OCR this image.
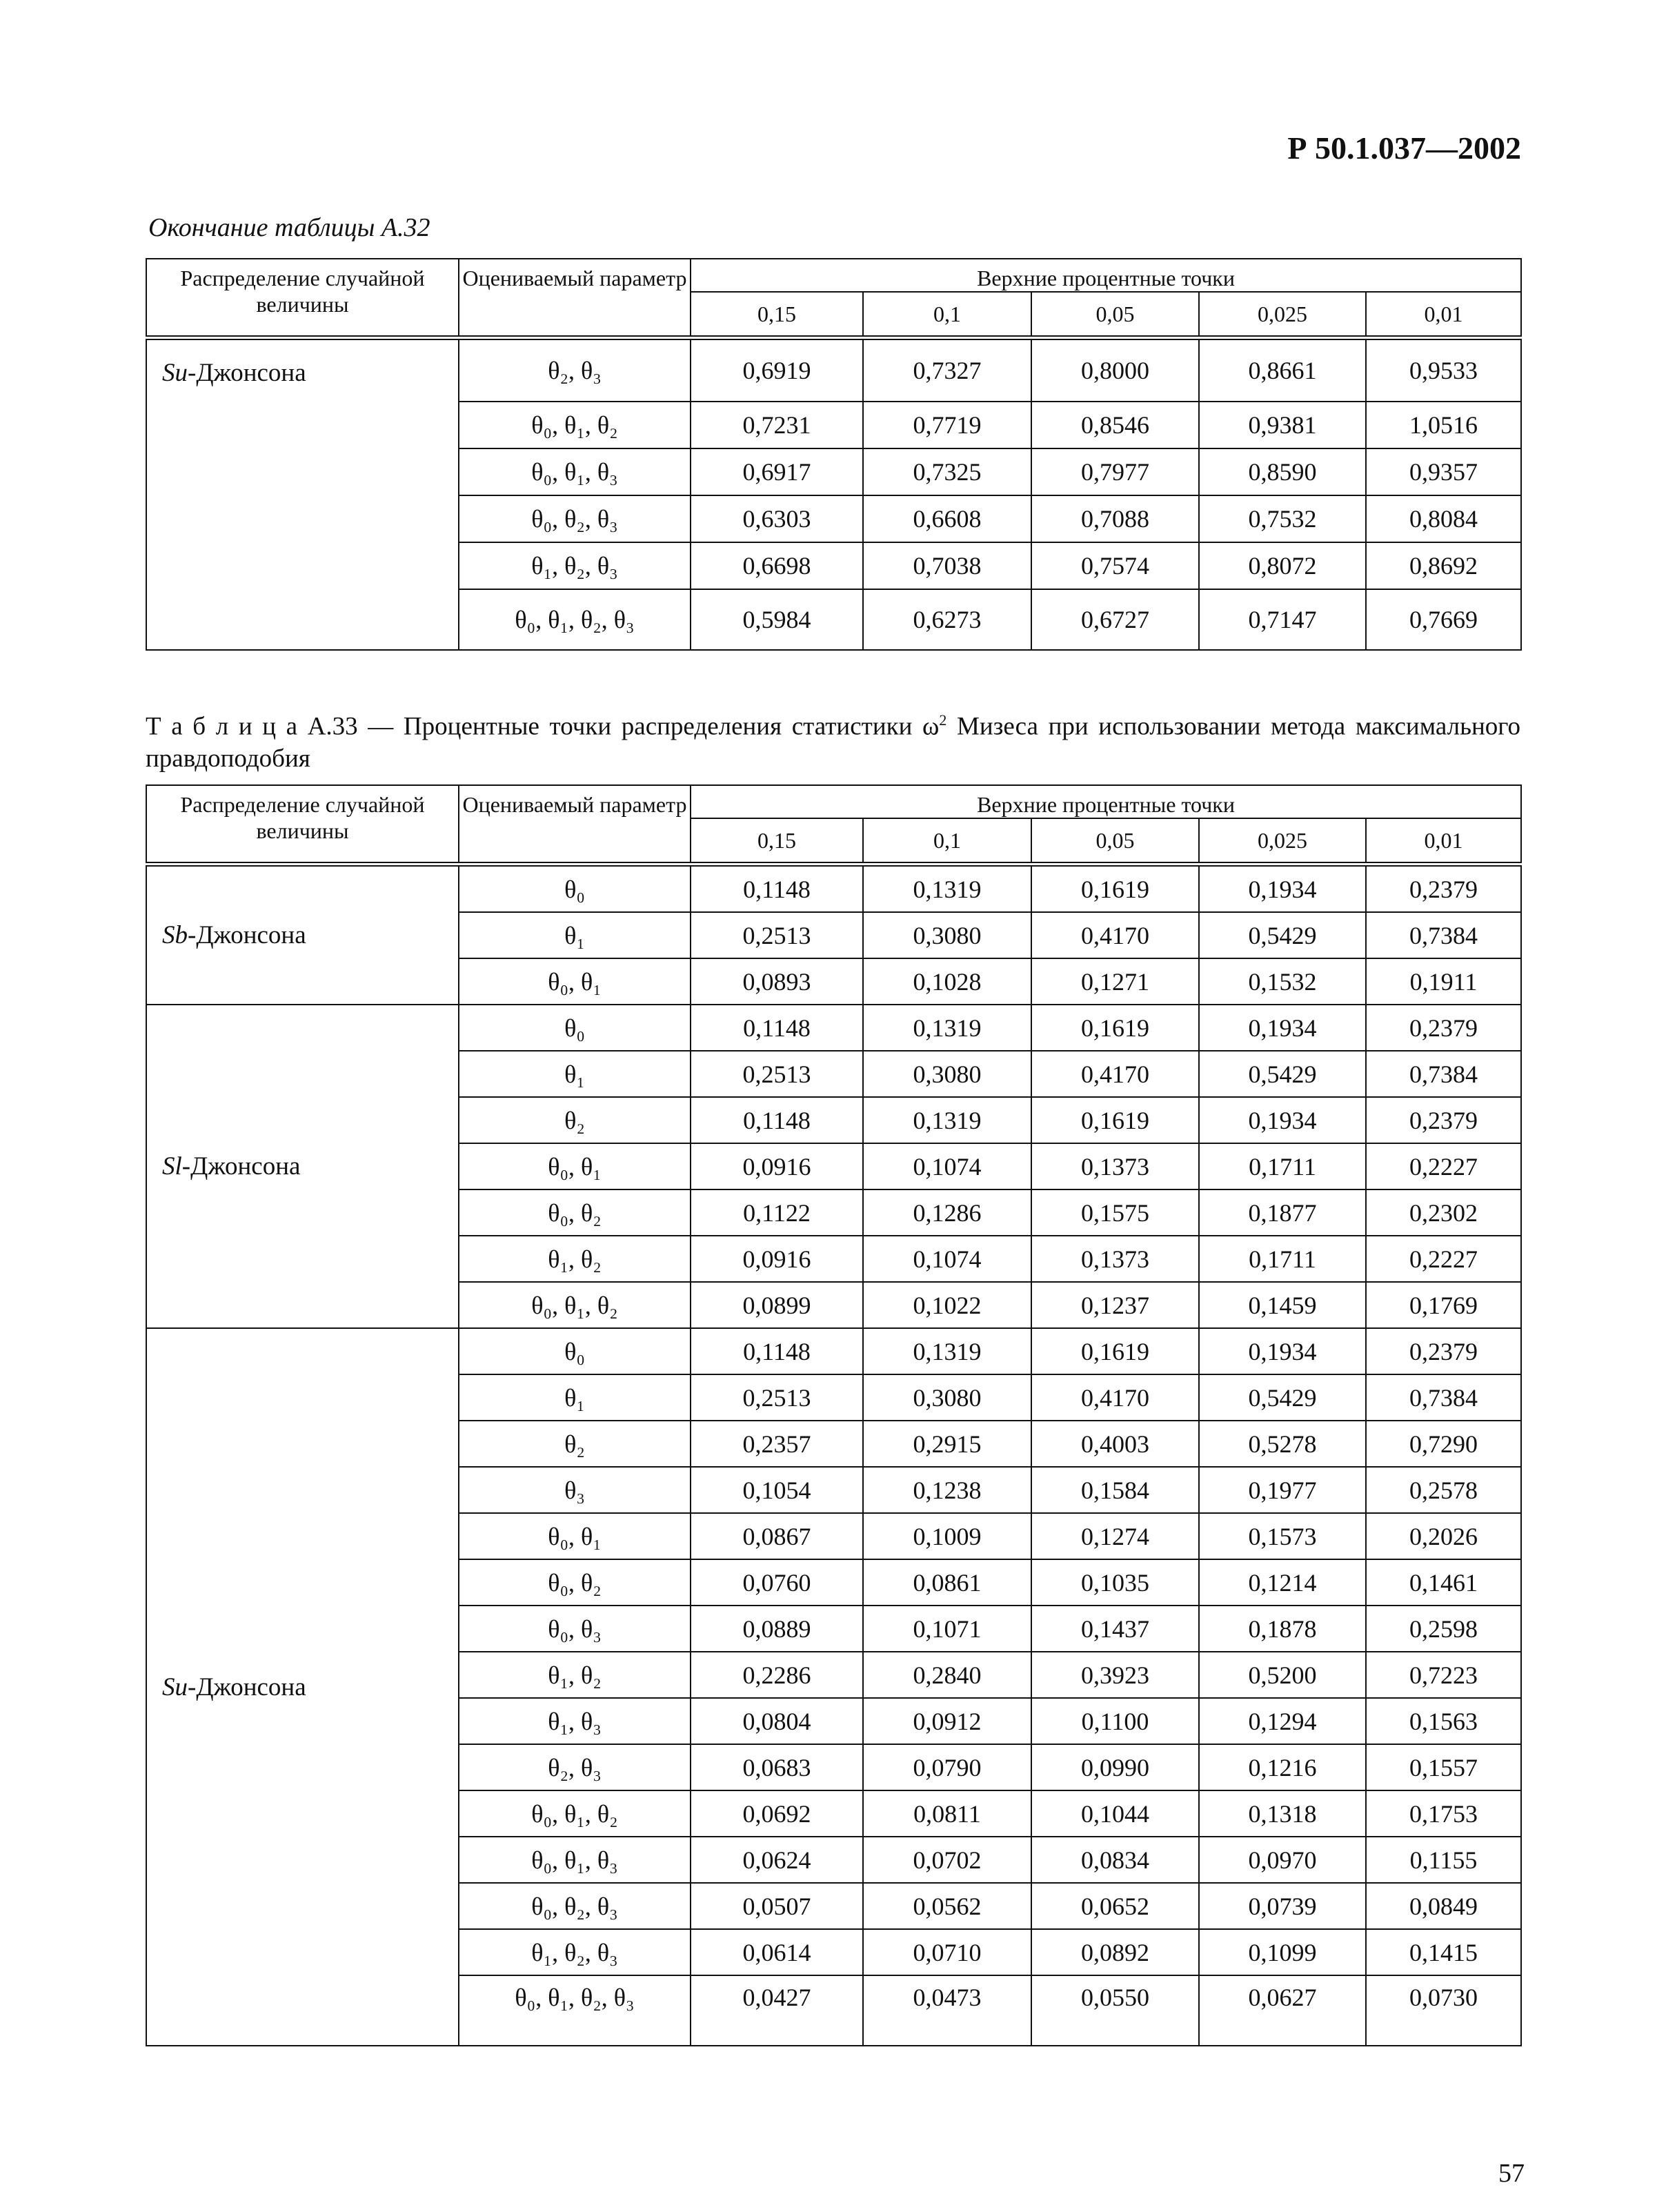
Р 50.1.037—2002
Окончание таблицы А.32
Распределение случайной величины	Оцениваемый параметр	Верхние процентные точки				
		0,15	0,1	0,05	0,025	0,01
Su-Джонсона	θ₂, θ₃	0,6919	0,7327	0,8000	0,8661	0,9533
	θ₀, θ₁, θ₂	0,7231	0,7719	0,8546	0,9381	1,0516
	θ₀, θ₁, θ₃	0,6917	0,7325	0,7977	0,8590	0,9357
	θ₀, θ₂, θ₃	0,6303	0,6608	0,7088	0,7532	0,8084
	θ₁, θ₂, θ₃	0,6698	0,7038	0,7574	0,8072	0,8692
	θ₀, θ₁, θ₂, θ₃	0,5984	0,6273	0,6727	0,7147	0,7669
Т а б л и ц а А.33 — Процентные точки распределения статистики $\omega^2$ Мизеса при использовании метода максимального правдоподобия
Распределение случайной величины	Оцениваемый параметр	Верхние процентные точки				
		0,15	0,1	0,05	0,025	0,01
Sb-Джонсона	θ₀	0,1148	0,1319	0,1619	0,1934	0,2379
	θ₁	0,2513	0,3080	0,4170	0,5429	0,7384
	θ₀, θ₁	0,0893	0,1028	0,1271	0,1532	0,1911
Sl-Джонсона	θ₀	0,1148	0,1319	0,1619	0,1934	0,2379
	θ₁	0,2513	0,3080	0,4170	0,5429	0,7384
	θ₂	0,1148	0,1319	0,1619	0,1934	0,2379
	θ₀, θ₁	0,0916	0,1074	0,1373	0,1711	0,2227
	θ₀, θ₂	0,1122	0,1286	0,1575	0,1877	0,2302
	θ₁, θ₂	0,0916	0,1074	0,1373	0,1711	0,2227
	θ₀, θ₁, θ₂	0,0899	0,1022	0,1237	0,1459	0,1769
Su-Джонсона	θ₀	0,1148	0,1319	0,1619	0,1934	0,2379
	θ₁	0,2513	0,3080	0,4170	0,5429	0,7384
	θ₂	0,2357	0,2915	0,4003	0,5278	0,7290
	θ₃	0,1054	0,1238	0,1584	0,1977	0,2578
	θ₀, θ₁	0,0867	0,1009	0,1274	0,1573	0,2026
	θ₀, θ₂	0,0760	0,0861	0,1035	0,1214	0,1461
	θ₀, θ₃	0,0889	0,1071	0,1437	0,1878	0,2598
	θ₁, θ₂	0,2286	0,2840	0,3923	0,5200	0,7223
	θ₁, θ₃	0,0804	0,0912	0,1100	0,1294	0,1563
	θ₂, θ₃	0,0683	0,0790	0,0990	0,1216	0,1557
	θ₀, θ₁, θ₂	0,0692	0,0811	0,1044	0,1318	0,1753
	θ₀, θ₁, θ₃	0,0624	0,0702	0,0834	0,0970	0,1155
	θ₀, θ₂, θ₃	0,0507	0,0562	0,0652	0,0739	0,0849
	θ₁, θ₂, θ₃	0,0614	0,0710	0,0892	0,1099	0,1415
	θ₀, θ₁, θ₂, θ₃	0,0427	0,0473	0,0550	0,0627	0,0730
57
